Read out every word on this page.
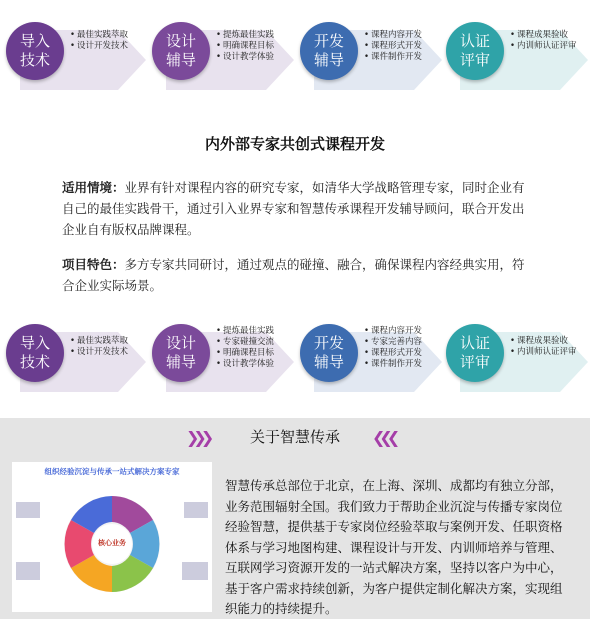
导入
技术
• 最佳实践萃取
• 设计开发技术	设计
辅导
• 提炼最佳实践
• 明确课程目标
• 设计教学体验
开发
辅导
• 课程内容开发
• 课程形式开发
• 课件制作开发
认证
评审
• 课程成果验收
• 内训师认证评审
内外部专家共创式课程开发
适用情境：业界有针对课程内容的研究专家，如清华大学战略管理专家，同时企业有自己的最佳实践骨干，通过引入业界专家和智慧传承课程开发辅导顾问，联合开发出企业自有版权品牌课程。
项目特色：多方专家共同研讨，通过观点的碰撞、融合，确保课程内容经典实用，符合企业实际场景。
导入
技术
• 最佳实践萃取
• 设计开发技术	设计
辅导
• 提炼最佳实践
• 专家碰撞交流
• 明确课程目标
• 设计教学体验
开发
辅导
• 课程内容开发
• 专家完善内容
• 课程形式开发
• 课件制作开发
认证
评审
• 课程成果验收
• 内训师认证评审
❯❯❯	关于智慧传承	❮❮❮
组织经验沉淀与传承一站式解决方案专家
核心业务
智慧传承总部位于北京，在上海、深圳、成都均有独立分部，业务范围辐射全国。我们致力于帮助企业沉淀与传播专家岗位经验智慧，提供基于专家岗位经验萃取与案例开发、任职资格体系与学习地图构建、课程设计与开发、内训师培养与管理、互联网学习资源开发的一站式解决方案，坚持以客户为中心，基于客户需求持续创新，为客户提供定制化解决方案，实现组织能力的持续提升。
